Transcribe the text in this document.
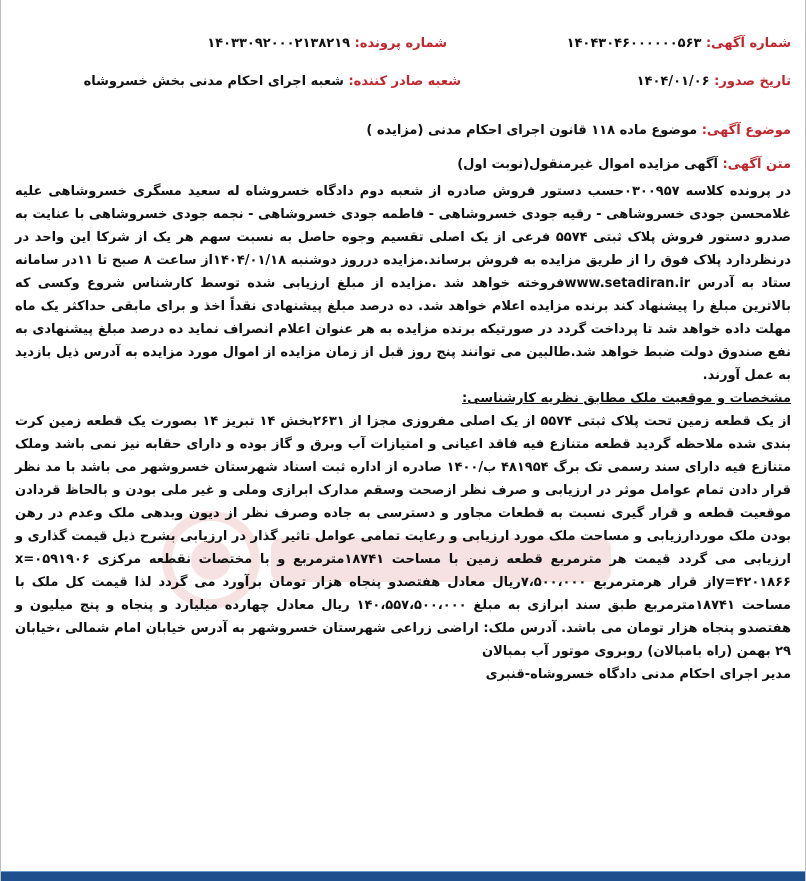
شماره آگهی: ۱۴۰۴۳۰۴۶۰۰۰۰۰۰۵۶۳
شماره پرونده: ۱۴۰۳۳۰۹۲۰۰۰۲۱۳۸۲۱۹
تاریخ صدور: ۱۴۰۴/۰۱/۰۶
شعبه صادر کننده: شعبه اجرای احکام مدنی بخش خسروشاه
موضوع آگهی: موضوع ماده ۱۱۸ قانون اجرای احکام مدنی (مزایده )
متن آگهی: آگهی مزایده اموال غیرمنقول(نوبت اول)

در پرونده کلاسه ۰۳۰۰۹۵۷حسب دستور فروش صادره از شعبه دوم دادگاه خسروشاه له سعید مسگری خسروشاهی علیه غلامحسن جودی خسروشاهی - رقیه جودی خسروشاهی - فاطمه جودی خسروشاهی - نجمه جودی خسروشاهی با عنایت به صدرو دستور فروش پلاک ثبتی ۵۵۷۴ فرعی از یک اصلی تقسیم وجوه حاصل به نسبت سهم هر یک از شرکا این واحد در درنظردارد پلاک فوق را از طریق مزایده به فروش برساند.مزایده درروز دوشنبه ۱۴۰۴/۰۱/۱۸از ساعت ۸ صبح تا ۱۱در سامانه ستاد به آدرس www.setadiran.irفروخته خواهد شد .مزایده از مبلغ ارزیابی شده توسط کارشناس شروع وکسی که بالاترین مبلغ را پیشنهاد کند برنده مزایده اعلام خواهد شد. ده درصد مبلغ پیشنهادی نقداً اخذ و برای مابقی حداکثر یک ماه مهلت داده خواهد شد تا پرداخت گردد در صورتیکه برنده مزایده به هر عنوان اعلام انصراف نماید ده درصد مبلغ پیشنهادی به نفع صندوق دولت ضبط خواهد شد.طالبین می توانند پنج روز قبل از زمان مزایده از اموال مورد مزایده به آدرس ذیل بازدید به عمل آورند.

مشخصات و موقعیت ملک مطابق نظریه کارشناسی:

از یک قطعه زمین تحت پلاک ثبتی ۵۵۷۴ از یک اصلی مفروزی مجزا از ۲۶۳۱بخش ۱۴ تبریز ۱۴ بصورت یک قطعه زمین کرت بندی شده ملاحظه گردید قطعه متنازع فیه فاقد اعیانی و امتیازات آب وبرق و گاز بوده و دارای حقابه نیز نمی باشد وملک متنازع فیه دارای سند رسمی تک برگ ۴۸۱۹۵۴ ب/۱۴۰۰ صادره از اداره ثبت اسناد شهرستان خسروشهر می باشد با مد نظر قرار دادن تمام عوامل موثر در ارزیابی و صرف نظر ازصحت وسقم مدارک ابرازی وملی و غیر ملی بودن و بالحاظ قردادن موقعیت قطعه و قرار گیری نسبت به قطعات مجاور و دسترسی به جاده وصرف نظر از دیون وبدهی ملک وعدم در رهن بودن ملک موردارزیابی و مساحت ملک مورد ارزیابی و رعایت تمامی عوامل تاثیر گذار در ارزیابی بشرح ذیل قیمت گذاری و ارزیابی می گردد قیمت هر مترمربع قطعه زمین با مساحت ۱۸۷۴۱مترمربع و با مختصات نقطعه مرکزی x=۰۵۹۱۹۰۶ y=۴۲۰۱۸۶۶از قرار هرمترمربع ۷،۵۰۰،۰۰۰ریال معادل هفتصدو پنجاه هزار تومان برآورد می گردد لذا قیمت کل ملک با مساحت ۱۸۷۴۱مترمربع طبق سند ابرازی به مبلغ ۱۴۰،۵۵۷،۵۰۰،۰۰۰ ریال معادل چهارده میلیارد و پنجاه و پنج میلیون و هفتصدو پنجاه هزار تومان می باشد. آدرس ملک: اراضی زراعی شهرستان خسروشهر به آدرس خیابان امام شمالی ،خیابان ۲۹ بهمن (راه بامبالان) روبروی موتور آب بمبالان

مدیر اجرای احکام مدنی دادگاه خسروشاه-قنبری
